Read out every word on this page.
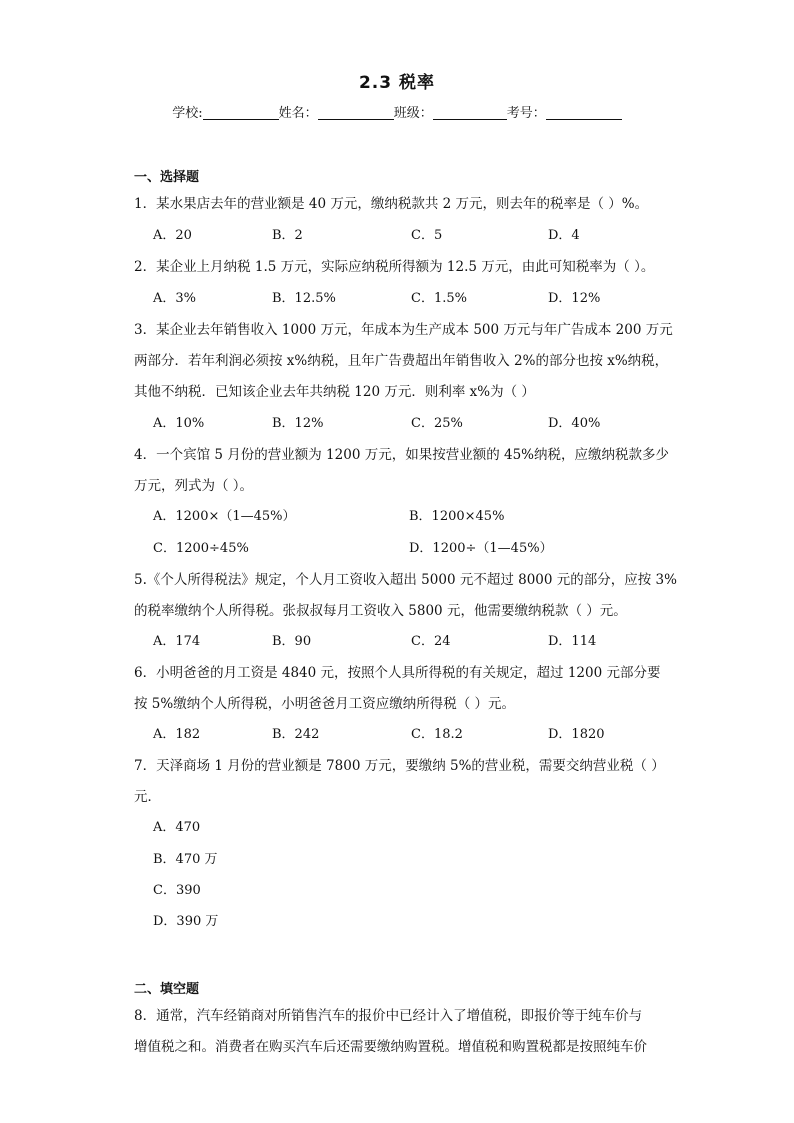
2.3 税率
学校:	姓名：	班级：	考号：
一、选择题
1．某水果店去年的营业额是 40 万元，缴纳税款共 2 万元，则去年的税率是（ ）%。
A．20	B．2	C．5	D．4
2．某企业上月纳税 1.5 万元，实际应纳税所得额为 12.5 万元，由此可知税率为（ ）。
A．3%	B．12.5%	C．1.5%	D．12%
3．某企业去年销售收入 1000 万元，年成本为生产成本 500 万元与年广告成本 200 万元
两部分．若年利润必须按 x%纳税，且年广告费超出年销售收入 2%的部分也按 x%纳税，
其他不纳税．已知该企业去年共纳税 120 万元．则利率 x%为（ ）
A．10%	B．12%	C．25%	D．40%
4．一个宾馆 5 月份的营业额为 1200 万元，如果按营业额的 45%纳税，应缴纳税款多少
万元，列式为（ ）。
A．1200×（1—45%）	B．1200×45%
C．1200÷45%	D．1200÷（1—45%）
5.《个人所得税法》规定，个人月工资收入超出 5000 元不超过 8000 元的部分，应按 3%
的税率缴纳个人所得税。张叔叔每月工资收入 5800 元，他需要缴纳税款（ ）元。
A．174	B．90	C．24	D．114
6．小明爸爸的月工资是 4840 元，按照个人具所得税的有关规定，超过 1200 元部分要
按 5%缴纳个人所得税，小明爸爸月工资应缴纳所得税（ ）元。
A．182	B．242	C．18.2	D．1820
7．天泽商场 1 月份的营业额是 7800 万元，要缴纳 5%的营业税，需要交纳营业税（ ）
元．
A．470
B．470 万
C．390
D．390 万
二、填空题
8．通常，汽车经销商对所销售汽车的报价中已经计入了增值税，即报价等于纯车价与
增值税之和。消费者在购买汽车后还需要缴纳购置税。增值税和购置税都是按照纯车价
